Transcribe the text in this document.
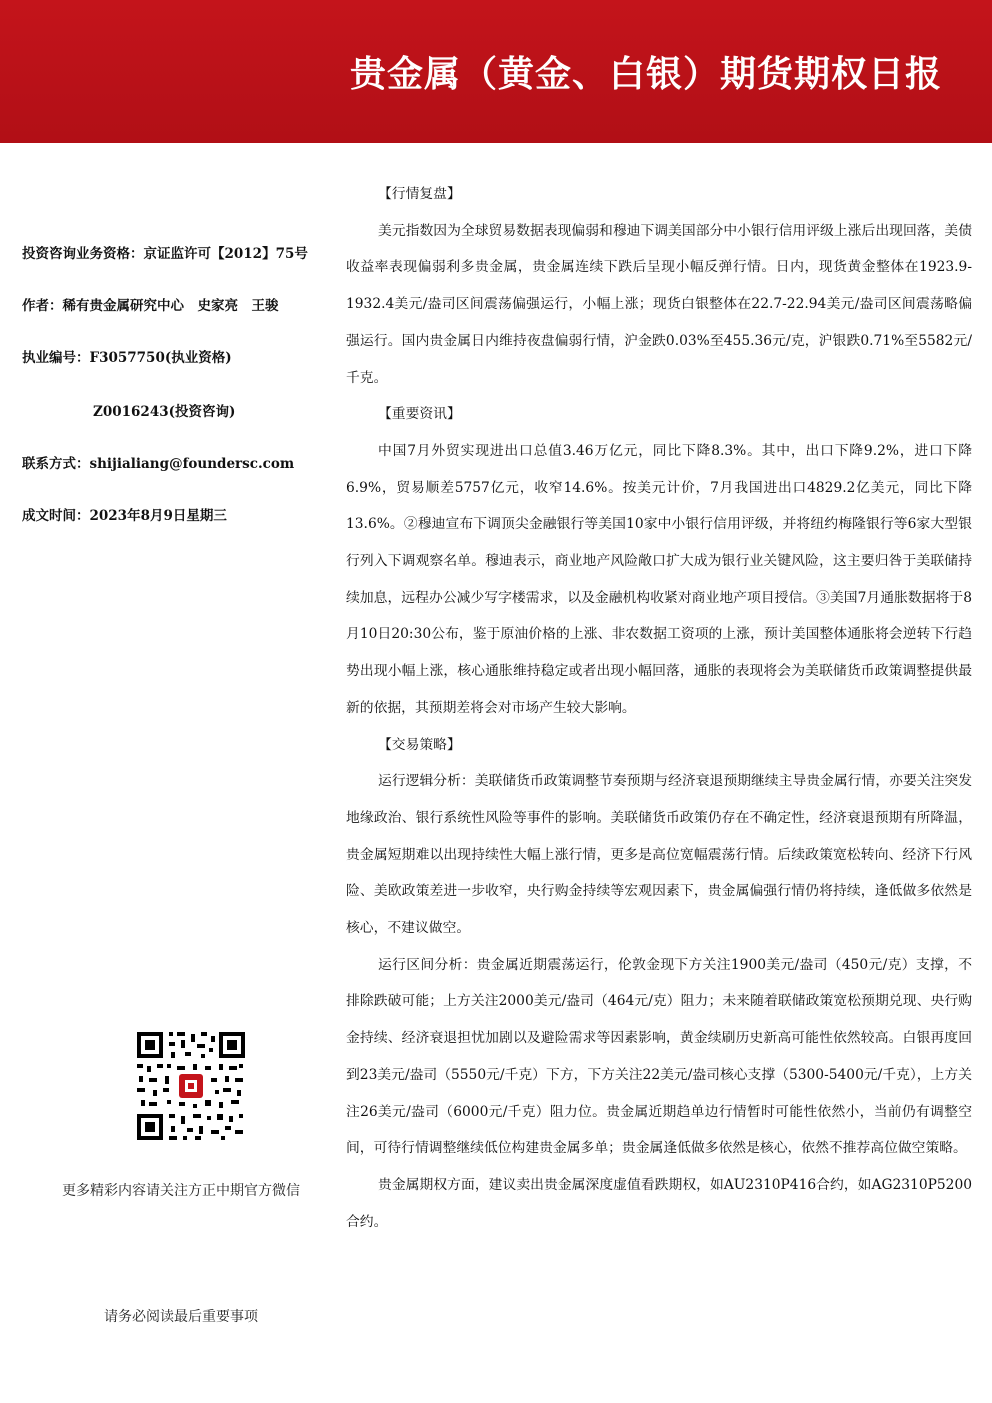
贵金属（黄金、白银）期货期权日报
投资咨询业务资格：京证监许可【2012】75号
作者：稀有贵金属研究中心　史家亮　王骏
执业编号：F3057750(执业资格)
Z0016243(投资咨询)
联系方式：shijialiang@foundersc.com
成文时间：2023年8月9日星期三
更多精彩内容请关注方正中期官方微信
请务必阅读最后重要事项
【行情复盘】

美元指数因为全球贸易数据表现偏弱和穆迪下调美国部分中小银行信用评级上涨后出现回落，美债收益率表现偏弱利多贵金属，贵金属连续下跌后呈现小幅反弹行情。日内，现货黄金整体在1923.9-1932.4美元/盎司区间震荡偏强运行，小幅上涨；现货白银整体在22.7-22.94美元/盎司区间震荡略偏强运行。国内贵金属日内维持夜盘偏弱行情，沪金跌0.03%至455.36元/克，沪银跌0.71%至5582元/千克。

【重要资讯】

中国7月外贸实现进出口总值3.46万亿元，同比下降8.3%。其中，出口下降9.2%，进口下降6.9%，贸易顺差5757亿元，收窄14.6%。按美元计价，7月我国进出口4829.2亿美元，同比下降13.6%。②穆迪宣布下调顶尖金融银行等美国10家中小银行信用评级，并将纽约梅隆银行等6家大型银行列入下调观察名单。穆迪表示，商业地产风险敞口扩大成为银行业关键风险，这主要归咎于美联储持续加息，远程办公减少写字楼需求，以及金融机构收紧对商业地产项目授信。③美国7月通胀数据将于8月10日20:30公布，鉴于原油价格的上涨、非农数据工资项的上涨，预计美国整体通胀将会逆转下行趋势出现小幅上涨，核心通胀维持稳定或者出现小幅回落，通胀的表现将会为美联储货币政策调整提供最新的依据，其预期差将会对市场产生较大影响。

【交易策略】

运行逻辑分析：美联储货币政策调整节奏预期与经济衰退预期继续主导贵金属行情，亦要关注突发地缘政治、银行系统性风险等事件的影响。美联储货币政策仍存在不确定性，经济衰退预期有所降温，贵金属短期难以出现持续性大幅上涨行情，更多是高位宽幅震荡行情。后续政策宽松转向、经济下行风险、美欧政策差进一步收窄，央行购金持续等宏观因素下，贵金属偏强行情仍将持续，逢低做多依然是核心，不建议做空。

运行区间分析：贵金属近期震荡运行，伦敦金现下方关注1900美元/盎司（450元/克）支撑，不排除跌破可能；上方关注2000美元/盎司（464元/克）阻力；未来随着联储政策宽松预期兑现、央行购金持续、经济衰退担忧加剧以及避险需求等因素影响，黄金续刷历史新高可能性依然较高。白银再度回到23美元/盎司（5550元/千克）下方，下方关注22美元/盎司核心支撑（5300-5400元/千克），上方关注26美元/盎司（6000元/千克）阻力位。贵金属近期趋单边行情暂时可能性依然小，当前仍有调整空间，可待行情调整继续低位构建贵金属多单；贵金属逢低做多依然是核心，依然不推荐高位做空策略。

贵金属期权方面，建议卖出贵金属深度虚值看跌期权，如AU2310P416合约，如AG2310P5200合约。
